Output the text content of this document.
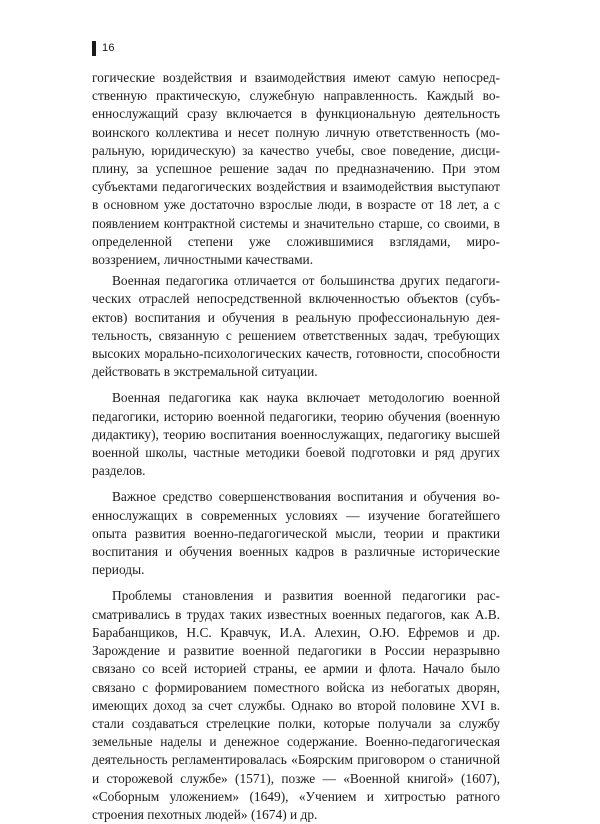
16

гогические воздействия и взаимодействия имеют самую непосредственную практическую, служебную направленность. Каждый военнослужащий сразу включается в функциональную деятельность воинского коллектива и несет полную личную ответственность (моральную, юридическую) за качество учебы, свое поведение, дисциплину, за успешное решение задач по предназначению. При этом субъектами педагогических воздействия и взаимодействия выступают в основном уже достаточно взрослые люди, в возрасте от 18 лет, а с появлением контрактной системы и значительно старше, со своими, в определенной степени уже сложившимися взглядами, мировоззрением, личностными качествами.

Военная педагогика отличается от большинства других педагогических отраслей непосредственной включенностью объектов (субъектов) воспитания и обучения в реальную профессиональную деятельность, связанную с решением ответственных задач, требующих высоких морально-психологических качеств, готовности, способности действовать в экстремальной ситуации.

Военная педагогика как наука включает методологию военной педагогики, историю военной педагогики, теорию обучения (военную дидактику), теорию воспитания военнослужащих, педагогику высшей военной школы, частные методики боевой подготовки и ряд других разделов.

Важное средство совершенствования воспитания и обучения военнослужащих в современных условиях — изучение богатейшего опыта развития военно-педагогической мысли, теории и практики воспитания и обучения военных кадров в различные исторические периоды.

Проблемы становления и развития военной педагогики рассматривались в трудах таких известных военных педагогов, как А.В. Барабанщиков, Н.С. Кравчук, И.А. Алехин, О.Ю. Ефремов и др. Зарождение и развитие военной педагогики в России неразрывно связано со всей историей страны, ее армии и флота. Начало было связано с формированием поместного войска из небогатых дворян, имеющих доход за счет службы. Однако во второй половине XVI в. стали создаваться стрелецкие полки, которые получали за службу земельные наделы и денежное содержание. Военно-педагогическая деятельность регламентировалась «Боярским приговором о станичной и сторожевой службе» (1571), позже — «Военной книгой» (1607), «Соборным уложением» (1649), «Учением и хитростью ратного строения пехотных людей» (1674) и др.
